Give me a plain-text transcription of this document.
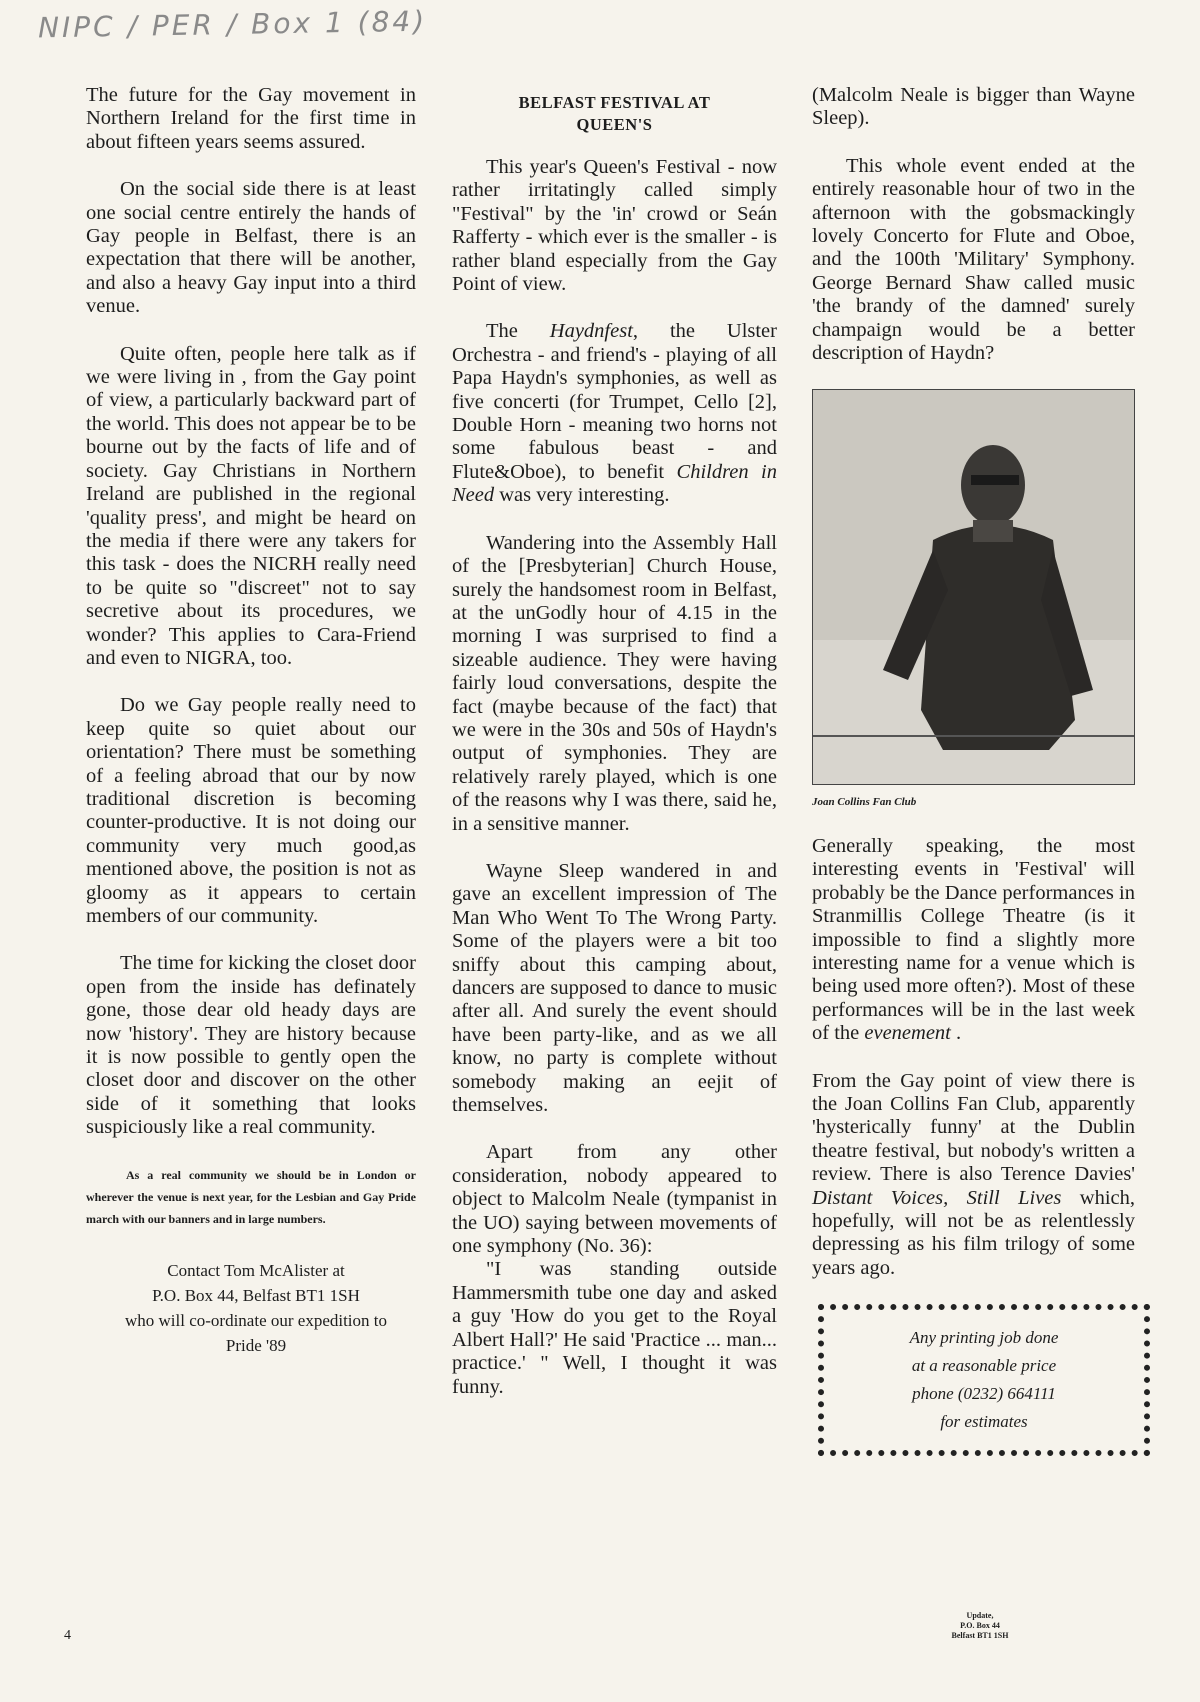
NIPC / PER / Box 1 (84)

The future for the Gay movement in Northern Ireland for the first time in about fifteen years seems assured.

On the social side there is at least one social centre entirely the hands of Gay people in Belfast, there is an expectation that there will be another, and also a heavy Gay input into a third venue.

Quite often, people here talk as if we were living in , from the Gay point of view, a particularly backward part of the world. This does not appear be to be bourne out by the facts of life and of society. Gay Christians in Northern Ireland are published in the regional 'quality press', and might be heard on the media if there were any takers for this task - does the NICRH really need to be quite so "discreet" not to say secretive about its procedures, we wonder? This applies to Cara-Friend and even to NIGRA, too.

Do we Gay people really need to keep quite so quiet about our orientation? There must be something of a feeling abroad that our by now traditional discretion is becoming counter-productive. It is not doing our community very much good,as mentioned above, the position is not as gloomy as it appears to certain members of our community.

The time for kicking the closet door open from the inside has definately gone, those dear old heady days are now 'history'. They are history because it is now possible to gently open the closet door and discover on the other side of it something that looks suspiciously like a real community.

As a real community we should be in London or wherever the venue is next year, for the Lesbian and Gay Pride march with our banners and in large numbers.
Contact Tom McAlister at
P.O. Box 44, Belfast BT1 1SH
who will co-ordinate our expedition to
Pride '89
BELFAST FESTIVAL AT
QUEEN'S

This year's Queen's Festival - now rather irritatingly called simply "Festival" by the 'in' crowd or Seán Rafferty - which ever is the smaller - is rather bland especially from the Gay Point of view.

The Haydnfest, the Ulster Orchestra - and friend's - playing of all Papa Haydn's symphonies, as well as five concerti (for Trumpet, Cello [2], Double Horn - meaning two horns not some fabulous beast - and Flute&Oboe), to benefit Children in Need was very interesting.

Wandering into the Assembly Hall of the [Presbyterian] Church House, surely the handsomest room in Belfast, at the unGodly hour of 4.15 in the morning I was surprised to find a sizeable audience. They were having fairly loud conversations, despite the fact (maybe because of the fact) that we were in the 30s and 50s of Haydn's output of symphonies. They are relatively rarely played, which is one of the reasons why I was there, said he, in a sensitive manner.

Wayne Sleep wandered in and gave an excellent impression of The Man Who Went To The Wrong Party. Some of the players were a bit too sniffy about this camping about, dancers are supposed to dance to music after all. And surely the event should have been party-like, and as we all know, no party is complete without somebody making an eejit of themselves.

Apart from any other consideration, nobody appeared to object to Malcolm Neale (tympanist in the UO) saying between movements of one symphony (No. 36):

"I was standing outside Hammersmith tube one day and asked a guy 'How do you get to the Royal Albert Hall?' He said 'Practice ... man... practice.' " Well, I thought it was funny.

(Malcolm Neale is bigger than Wayne Sleep).

This whole event ended at the entirely reasonable hour of two in the afternoon with the gobsmackingly lovely Concerto for Flute and Oboe, and the 100th 'Military' Symphony. George Bernard Shaw called music 'the brandy of the damned' surely champaign would be a better description of Haydn?

Joan Collins Fan Club

Generally speaking, the most interesting events in 'Festival' will probably be the Dance performances in Stranmillis College Theatre (is it impossible to find a slightly more interesting name for a venue which is being used more often?). Most of these performances will be in the last week of the evenement .

From the Gay point of view there is the Joan Collins Fan Club, apparently 'hysterically funny' at the Dublin theatre festival, but nobody's written a review. There is also Terence Davies' Distant Voices, Still Lives which, hopefully, will not be as relentlessly depressing as his film trilogy of some years ago.

Any printing job done
at a reasonable price
phone (0232) 664111
for estimates
4
Update,
P.O. Box 44
Belfast BT1 1SH
